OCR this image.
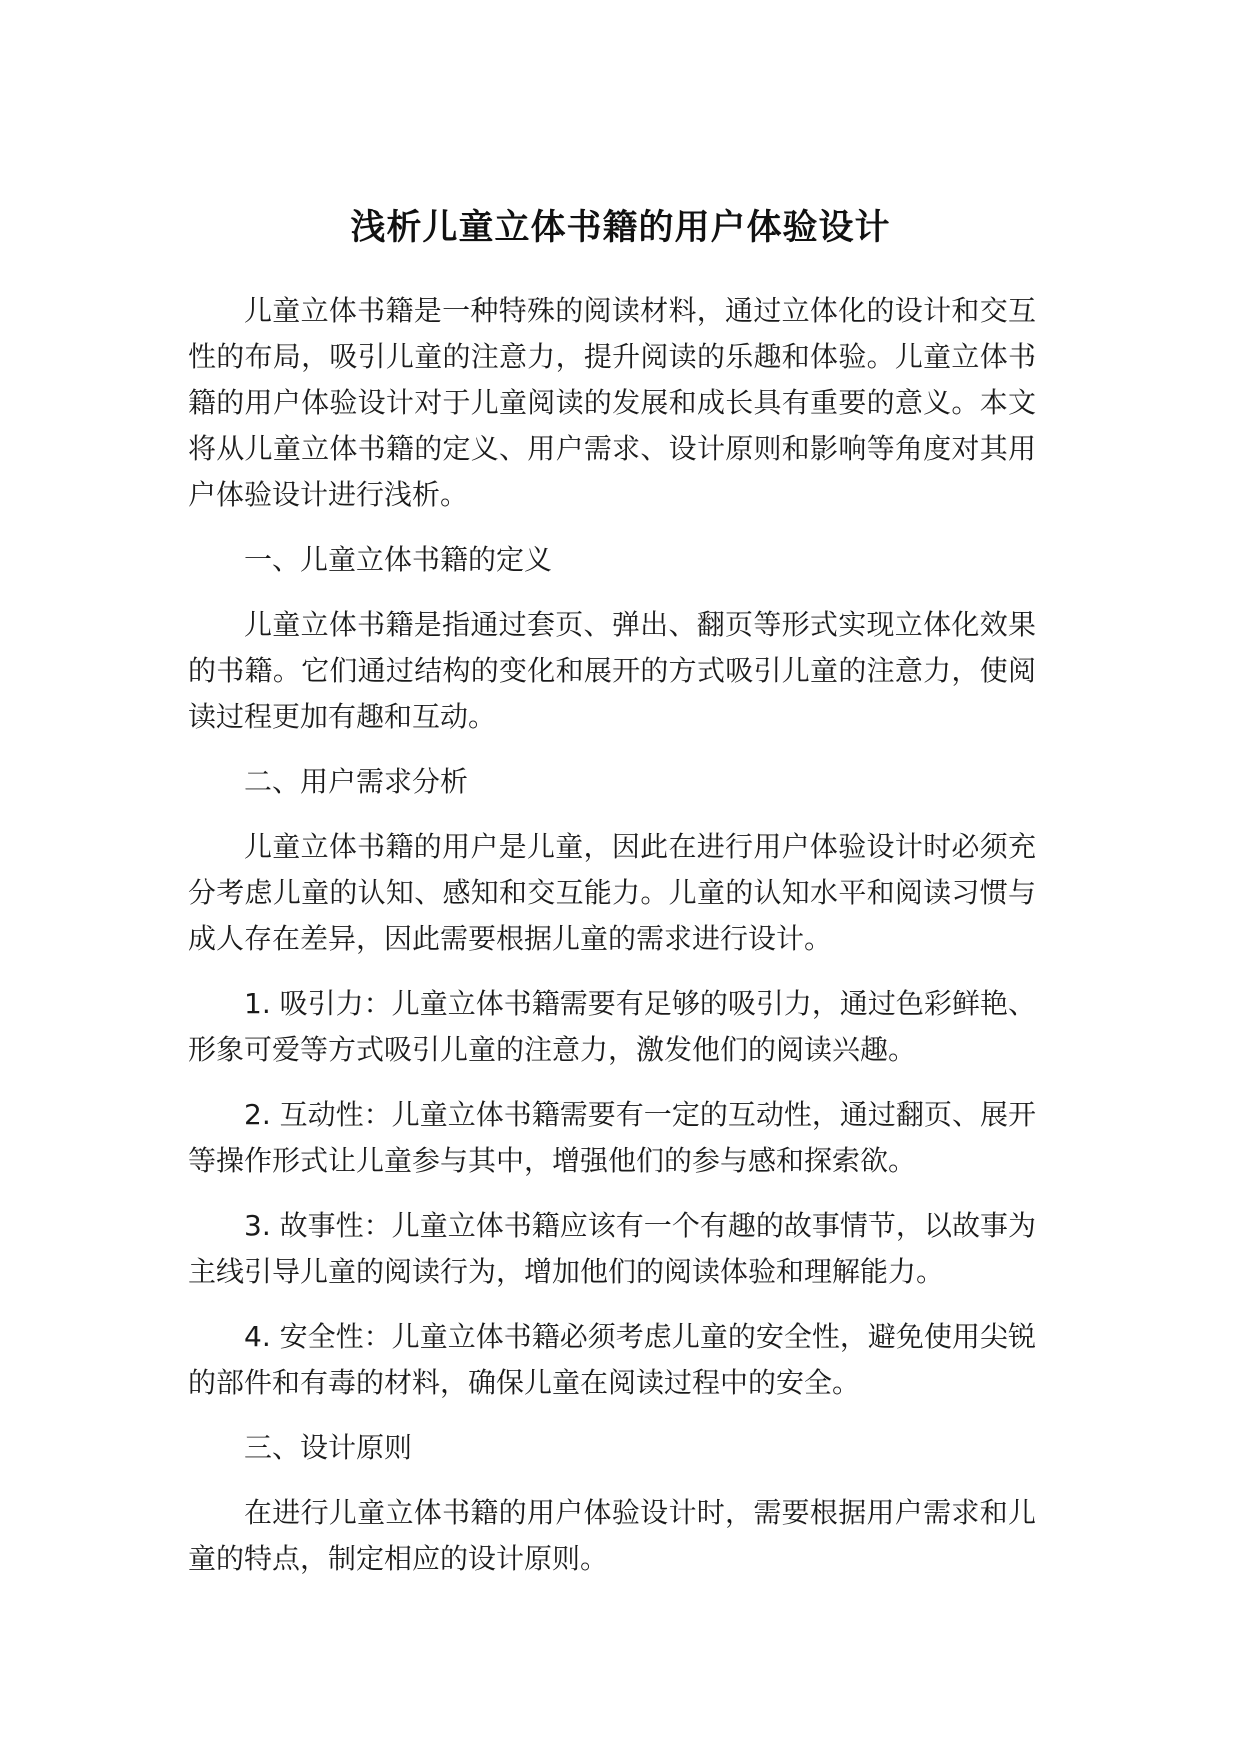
浅析儿童立体书籍的用户体验设计

儿童立体书籍是一种特殊的阅读材料，通过立体化的设计和交互性的布局，吸引儿童的注意力，提升阅读的乐趣和体验。儿童立体书籍的用户体验设计对于儿童阅读的发展和成长具有重要的意义。本文将从儿童立体书籍的定义、用户需求、设计原则和影响等角度对其用户体验设计进行浅析。

一、儿童立体书籍的定义

儿童立体书籍是指通过套页、弹出、翻页等形式实现立体化效果的书籍。它们通过结构的变化和展开的方式吸引儿童的注意力，使阅读过程更加有趣和互动。

二、用户需求分析

儿童立体书籍的用户是儿童，因此在进行用户体验设计时必须充分考虑儿童的认知、感知和交互能力。儿童的认知水平和阅读习惯与成人存在差异，因此需要根据儿童的需求进行设计。

1. 吸引力：儿童立体书籍需要有足够的吸引力，通过色彩鲜艳、形象可爱等方式吸引儿童的注意力，激发他们的阅读兴趣。

2. 互动性：儿童立体书籍需要有一定的互动性，通过翻页、展开等操作形式让儿童参与其中，增强他们的参与感和探索欲。

3. 故事性：儿童立体书籍应该有一个有趣的故事情节，以故事为主线引导儿童的阅读行为，增加他们的阅读体验和理解能力。

4. 安全性：儿童立体书籍必须考虑儿童的安全性，避免使用尖锐的部件和有毒的材料，确保儿童在阅读过程中的安全。

三、设计原则

在进行儿童立体书籍的用户体验设计时，需要根据用户需求和儿童的特点，制定相应的设计原则。
